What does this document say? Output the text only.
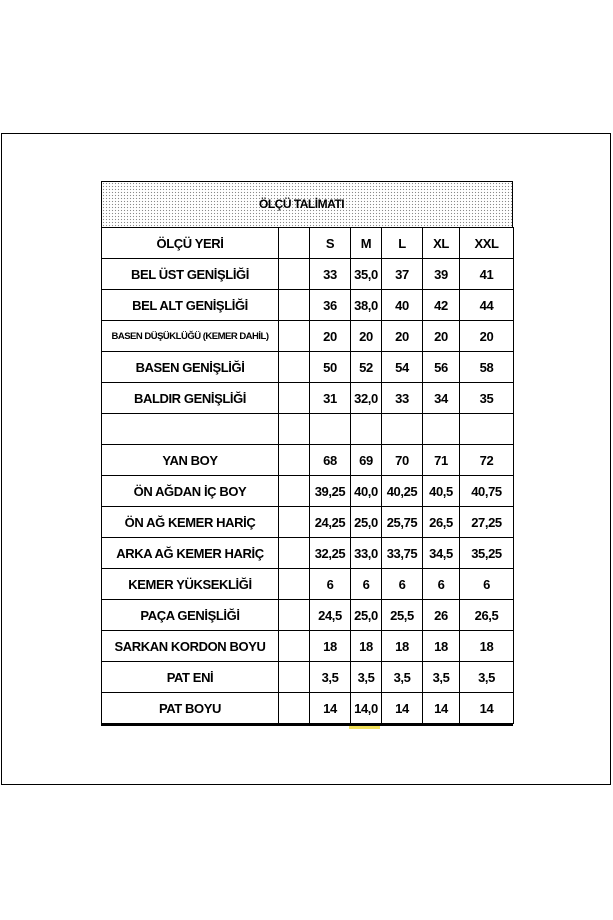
ÖLÇÜ TALİMATI
ÖLÇÜ YERİ		S	M	L	XL	XXL
BEL ÜST GENİŞLİĞİ		33	35,0	37	39	41
BEL ALT GENİŞLİĞİ		36	38,0	40	42	44
BASEN DÜŞÜKLÜĞÜ (KEMER DAHİL)		20	20	20	20	20
BASEN GENİŞLİĞİ		50	52	54	56	58
BALDIR GENİŞLİĞİ		31	32,0	33	34	35

YAN BOY		68	69	70	71	72
ÖN AĞDAN İÇ BOY		39,25	40,0	40,25	40,5	40,75
ÖN AĞ KEMER HARİÇ		24,25	25,0	25,75	26,5	27,25
ARKA AĞ KEMER HARİÇ		32,25	33,0	33,75	34,5	35,25
KEMER YÜKSEKLİĞİ		6	6	6	6	6
PAÇA GENİŞLİĞİ		24,5	25,0	25,5	26	26,5
SARKAN KORDON BOYU		18	18	18	18	18
PAT ENİ		3,5	3,5	3,5	3,5	3,5
PAT BOYU		14	14,0	14	14	14
